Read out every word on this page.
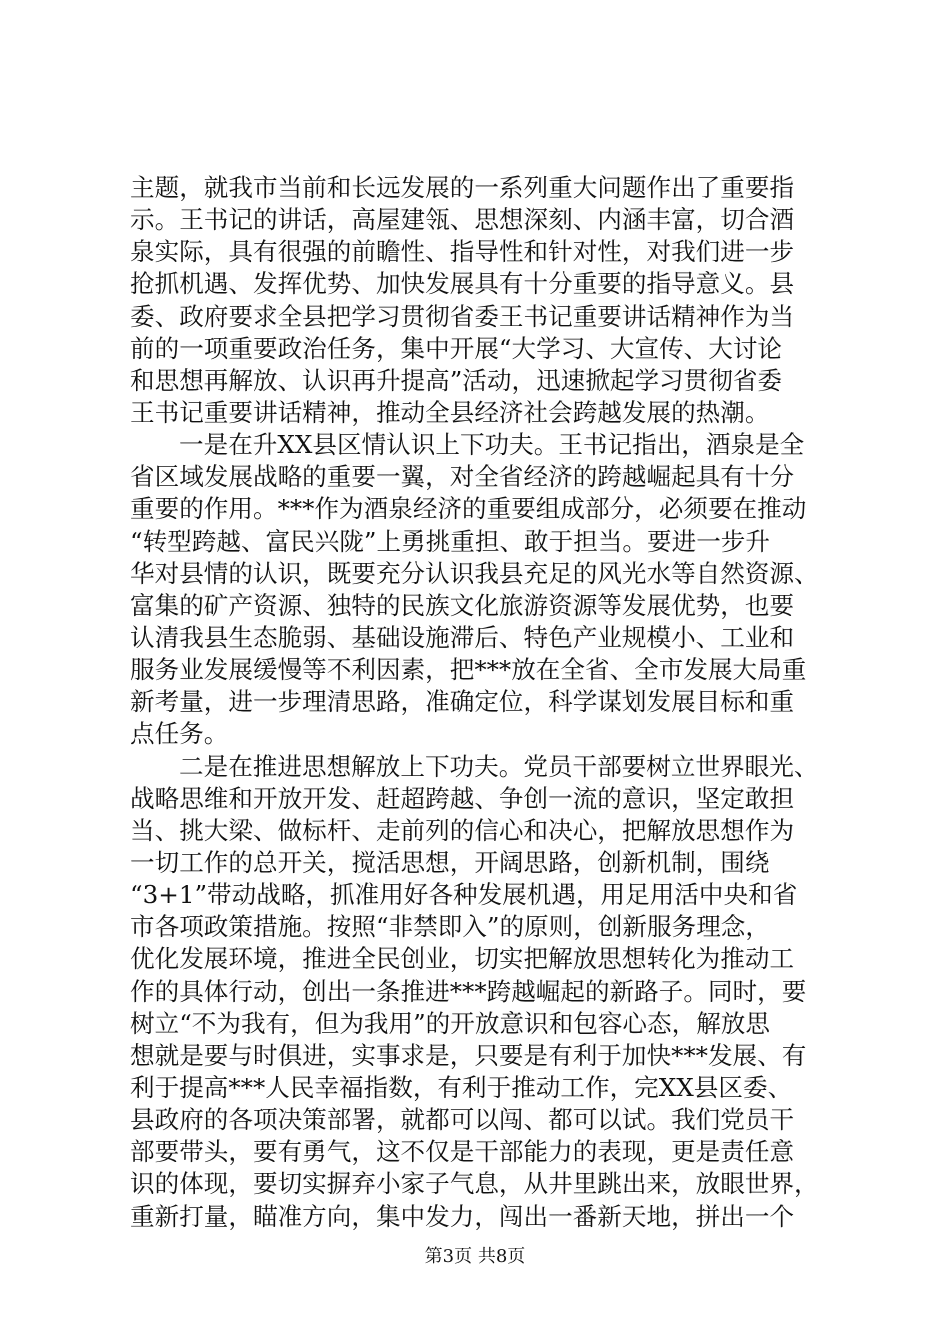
主题，就我市当前和长远发展的一系列重大问题作出了重要指
示。王书记的讲话，高屋建瓴、思想深刻、内涵丰富，切合酒
泉实际，具有很强的前瞻性、指导性和针对性，对我们进一步
抢抓机遇、发挥优势、加快发展具有十分重要的指导意义。县
委、政府要求全县把学习贯彻省委王书记重要讲话精神作为当
前的一项重要政治任务，集中开展“大学习、大宣传、大讨论
和思想再解放、认识再升提高”活动，迅速掀起学习贯彻省委
王书记重要讲话精神，推动全县经济社会跨越发展的热潮。
一是在升XX县区情认识上下功夫。王书记指出，酒泉是全
省区域发展战略的重要一翼，对全省经济的跨越崛起具有十分
重要的作用。***作为酒泉经济的重要组成部分，必须要在推动
“转型跨越、富民兴陇”上勇挑重担、敢于担当。要进一步升
华对县情的认识，既要充分认识我县充足的风光水等自然资源、
富集的矿产资源、独特的民族文化旅游资源等发展优势，也要
认清我县生态脆弱、基础设施滞后、特色产业规模小、工业和
服务业发展缓慢等不利因素，把***放在全省、全市发展大局重
新考量，进一步理清思路，准确定位，科学谋划发展目标和重
点任务。
二是在推进思想解放上下功夫。党员干部要树立世界眼光、
战略思维和开放开发、赶超跨越、争创一流的意识，坚定敢担
当、挑大梁、做标杆、走前列的信心和决心，把解放思想作为
一切工作的总开关，搅活思想，开阔思路，创新机制，围绕
“3+1”带动战略，抓准用好各种发展机遇，用足用活中央和省
市各项政策措施。按照“非禁即入”的原则，创新服务理念，
优化发展环境，推进全民创业，切实把解放思想转化为推动工
作的具体行动，创出一条推进***跨越崛起的新路子。同时，要
树立“不为我有，但为我用”的开放意识和包容心态，解放思
想就是要与时俱进，实事求是，只要是有利于加快***发展、有
利于提高***人民幸福指数，有利于推动工作，完XX县区委、
县政府的各项决策部署，就都可以闯、都可以试。我们党员干
部要带头，要有勇气，这不仅是干部能力的表现，更是责任意
识的体现，要切实摒弃小家子气息，从井里跳出来，放眼世界，
重新打量，瞄准方向，集中发力，闯出一番新天地，拼出一个
第3页 共8页
